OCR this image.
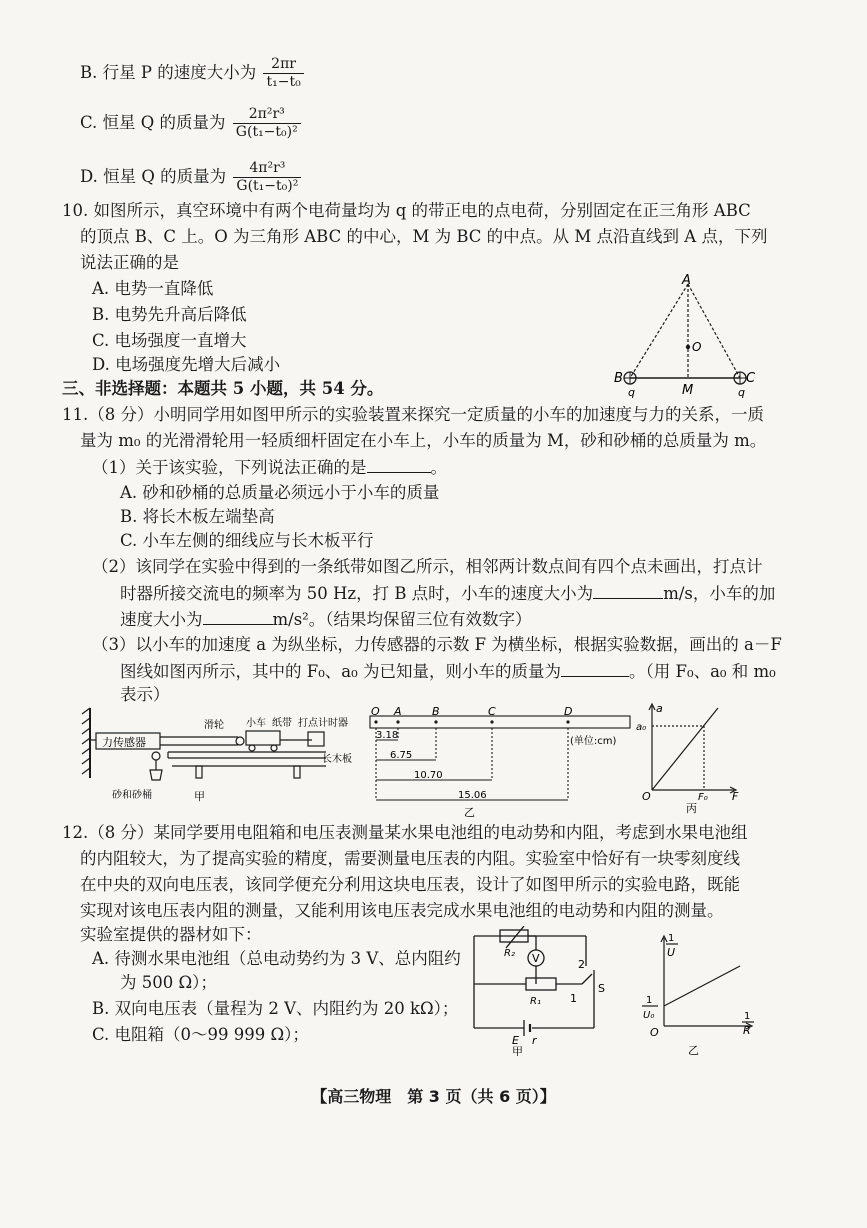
B. 行星 P 的速度大小为 $\frac{2\pi r}{\text{t₁−t₀}}$
C. 恒星 Q 的质量为 $\frac{\text{2π²r³}}{\text{G(t₁−t₀)²}}$
D. 恒星 Q 的质量为 $\frac{\text{4π²r³}}{\text{G(t₁−t₀)²}}$
10. 如图所示，真空环境中有两个电荷量均为 q 的带正电的点电荷，分别固定在正三角形 ABC
的顶点 B、C 上。O 为三角形 ABC 的中心，M 为 BC 的中点。从 M 点沿直线到 A 点，下列
说法正确的是
A. 电势一直降低
B. 电势先升高后降低
C. 电场强度一直增大
D. 电场强度先增大后减小
A
O
B
M
C
q	q
三、非选择题：本题共 5 小题，共 54 分。
11.（8 分）小明同学用如图甲所示的实验装置来探究一定质量的小车的加速度与力的关系，一质
量为 m₀ 的光滑滑轮用一轻质细杆固定在小车上，小车的质量为 M，砂和砂桶的总质量为 m。
（1）关于该实验，下列说法正确的是	。
A. 砂和砂桶的总质量必须远小于小车的质量
B. 将长木板左端垫高
C. 小车左侧的细线应与长木板平行
（2）该同学在实验中得到的一条纸带如图乙所示，相邻两计数点间有四个点未画出，打点计
时器所接交流电的频率为 50 Hz，打 B 点时，小车的速度大小为	m/s，小车的加
速度大小为	m/s²。（结果均保留三位有效数字）
（3）以小车的加速度 a 为纵坐标，力传感器的示数 F 为横坐标，根据实验数据，画出的 a－F
图线如图丙所示，其中的 F₀、a₀ 为已知量，则小车的质量为	。（用 F₀、a₀ 和 m₀
表示）
力传感器
滑轮 小车 纸带 打点计时器
长木板
砂和砂桶	甲
O A	B	C	D
(单位:cm)
3.18
6.75
10.70
15.06
乙
a
a₀
O	F₀ F
丙
12.（8 分）某同学要用电阻箱和电压表测量某水果电池组的电动势和内阻，考虑到水果电池组
的内阻较大，为了提高实验的精度，需要测量电压表的内阻。实验室中恰好有一块零刻度线
在中央的双向电压表，该同学便充分利用这块电压表，设计了如图甲所示的实验电路，既能
实现对该电压表内阻的测量，又能利用该电压表完成水果电池组的电动势和内阻的测量。
实验室提供的器材如下：
A. 待测水果电池组（总电动势约为 3 V、总内阻约
为 500 Ω）；
B. 双向电压表（量程为 2 V、内阻约为 20 kΩ）；
C. 电阻箱（0～99 999 Ω）；
V
R₂
R₁
2
1
S
E r
甲
1
U
1
U₀
O
1
R
乙
【高三物理　第 3 页（共 6 页）】
